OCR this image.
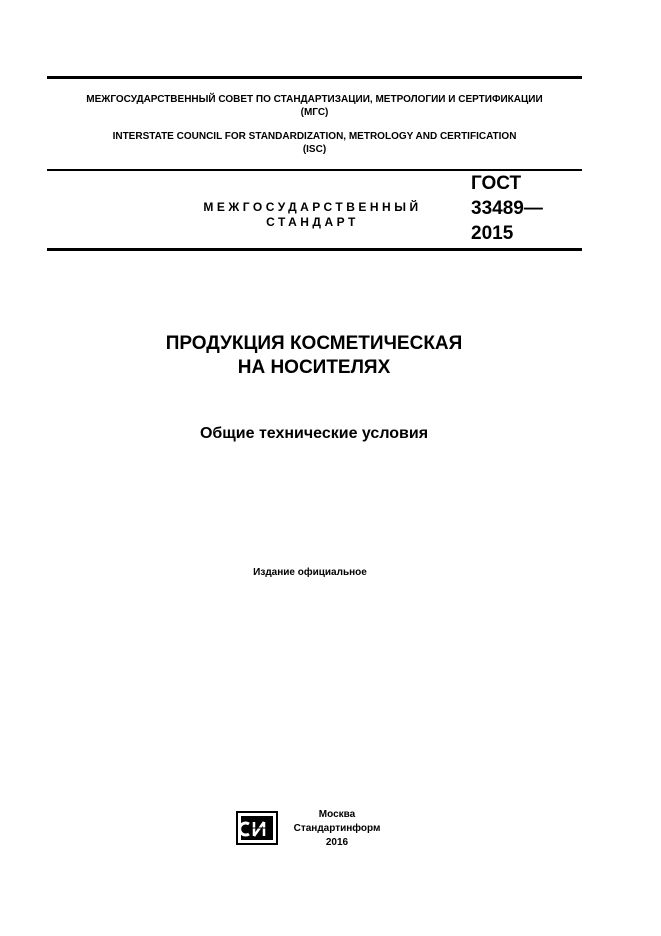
МЕЖГОСУДАРСТВЕННЫЙ СОВЕТ ПО СТАНДАРТИЗАЦИИ, МЕТРОЛОГИИ И СЕРТИФИКАЦИИ
(МГС)
INTERSTATE COUNCIL FOR STANDARDIZATION, METROLOGY AND CERTIFICATION
(ISC)
МЕЖГОСУДАРСТВЕННЫЙ
СТАНДАРТ
ГОСТ
33489—
2015
ПРОДУКЦИЯ КОСМЕТИЧЕСКАЯ
НА НОСИТЕЛЯХ
Общие технические условия
Издание официальное
Москва
Стандартинформ
2016
